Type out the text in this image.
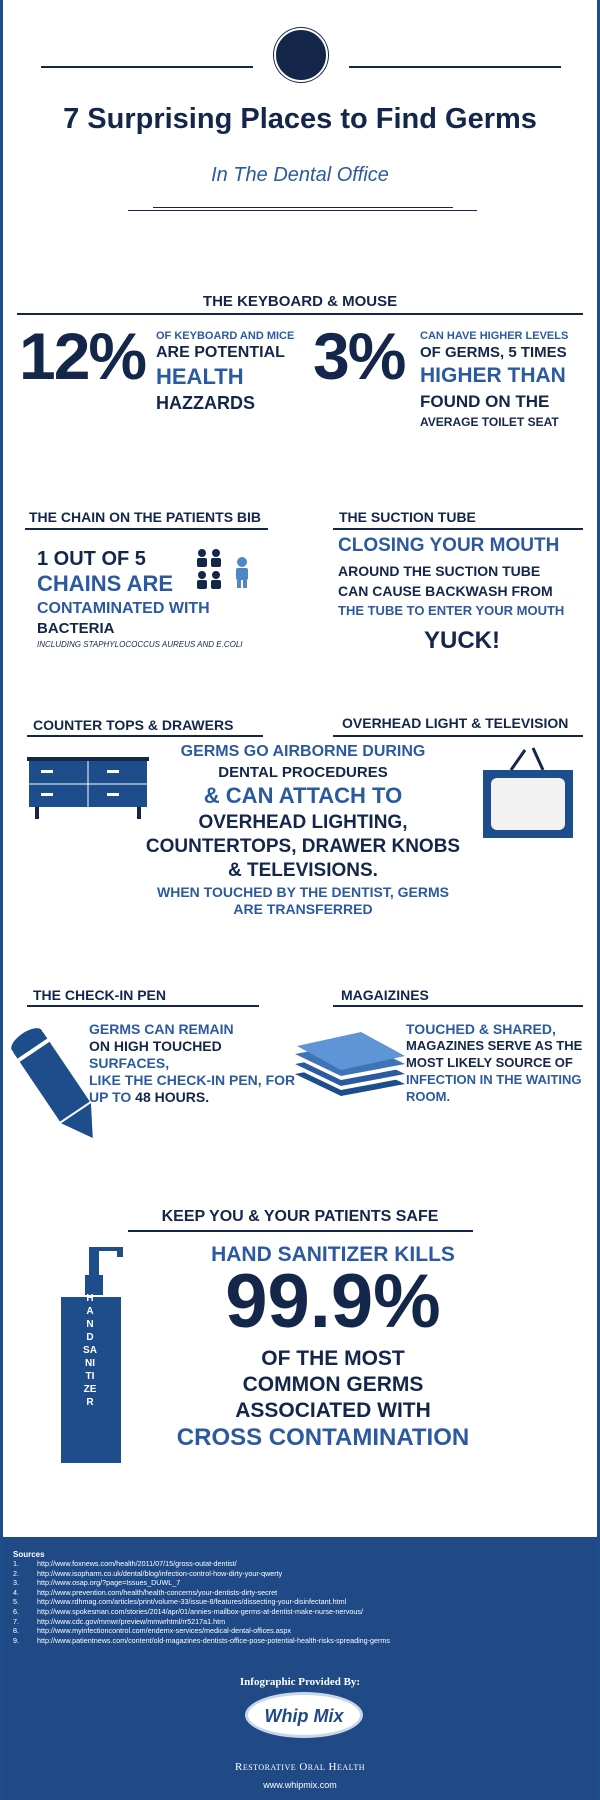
7 Surprising Places to Find Germs
In The Dental Office
THE KEYBOARD & MOUSE
12% OF KEYBOARD AND MICE
ARE POTENTIAL
HEALTH
HAZZARDS
3% CAN HAVE HIGHER LEVELS
OF GERMS, 5 TIMES
HIGHER THAN
FOUND ON THE
AVERAGE TOILET SEAT
THE CHAIN ON THE PATIENTS BIB
1 OUT OF 5
CHAINS ARE
CONTAMINATED WITH
BACTERIA
INCLUDING STAPHYLOCOCCUS AUREUS AND E.COLI
THE SUCTION TUBE
CLOSING YOUR MOUTH
AROUND THE SUCTION TUBE
CAN CAUSE BACKWASH FROM
THE TUBE TO ENTER YOUR MOUTH
YUCK!
COUNTER TOPS & DRAWERS	OVERHEAD LIGHT & TELEVISION
GERMS GO AIRBORNE DURING
DENTAL PROCEDURES
& CAN ATTACH TO
OVERHEAD LIGHTING,
COUNTERTOPS, DRAWER KNOBS
& TELEVISIONS.
WHEN TOUCHED BY THE DENTIST, GERMS
ARE TRANSFERRED
THE CHECK-IN PEN	MAGAIZINES
GERMS CAN REMAIN
ON HIGH TOUCHED
SURFACES,
LIKE THE CHECK-IN PEN, FOR
UP TO 48 HOURS.
TOUCHED & SHARED,
MAGAZINES SERVE AS THE
MOST LIKELY SOURCE OF
INFECTION IN THE WAITING
ROOM.
KEEP YOU & YOUR PATIENTS SAFE
HAND SANITIZER
HAND SANITIZER KILLS
99.9%
OF THE MOST
COMMON GERMS
ASSOCIATED WITH
CROSS CONTAMINATION
Sources
1.	http://www.foxnews.com/health/2011/07/15/gross-outat-dentist/
2.	http://www.isopharm.co.uk/dental/blog/infection-control-how-dirty-your-qwerty
3.	http://www.osap.org/?page=Issues_DUWL_7
4.	http://www.prevention.com/health/health-concerns/your-dentists-dirty-secret
5.	http://www.rdhmag.com/articles/print/volume-33/issue-8/features/dissecting-your-disinfectant.html
6.	http://www.spokesman.com/stories/2014/apr/01/annies-mailbox-germs-at-dentist-make-nurse-nervous/
7.	http://www.cdc.gov/mmwr/preview/mmwrhtml/rr5217a1.htm
8.	http://www.myinfectioncontrol.com/endemx-services/medical-dental-offices.aspx
9.	http://www.patientnews.com/content/old-magazines-dentists-office-pose-potential-health-risks-spreading-germs
Infographic Provided By:
Whip Mix
Restorative Oral Health
www.whipmix.com
